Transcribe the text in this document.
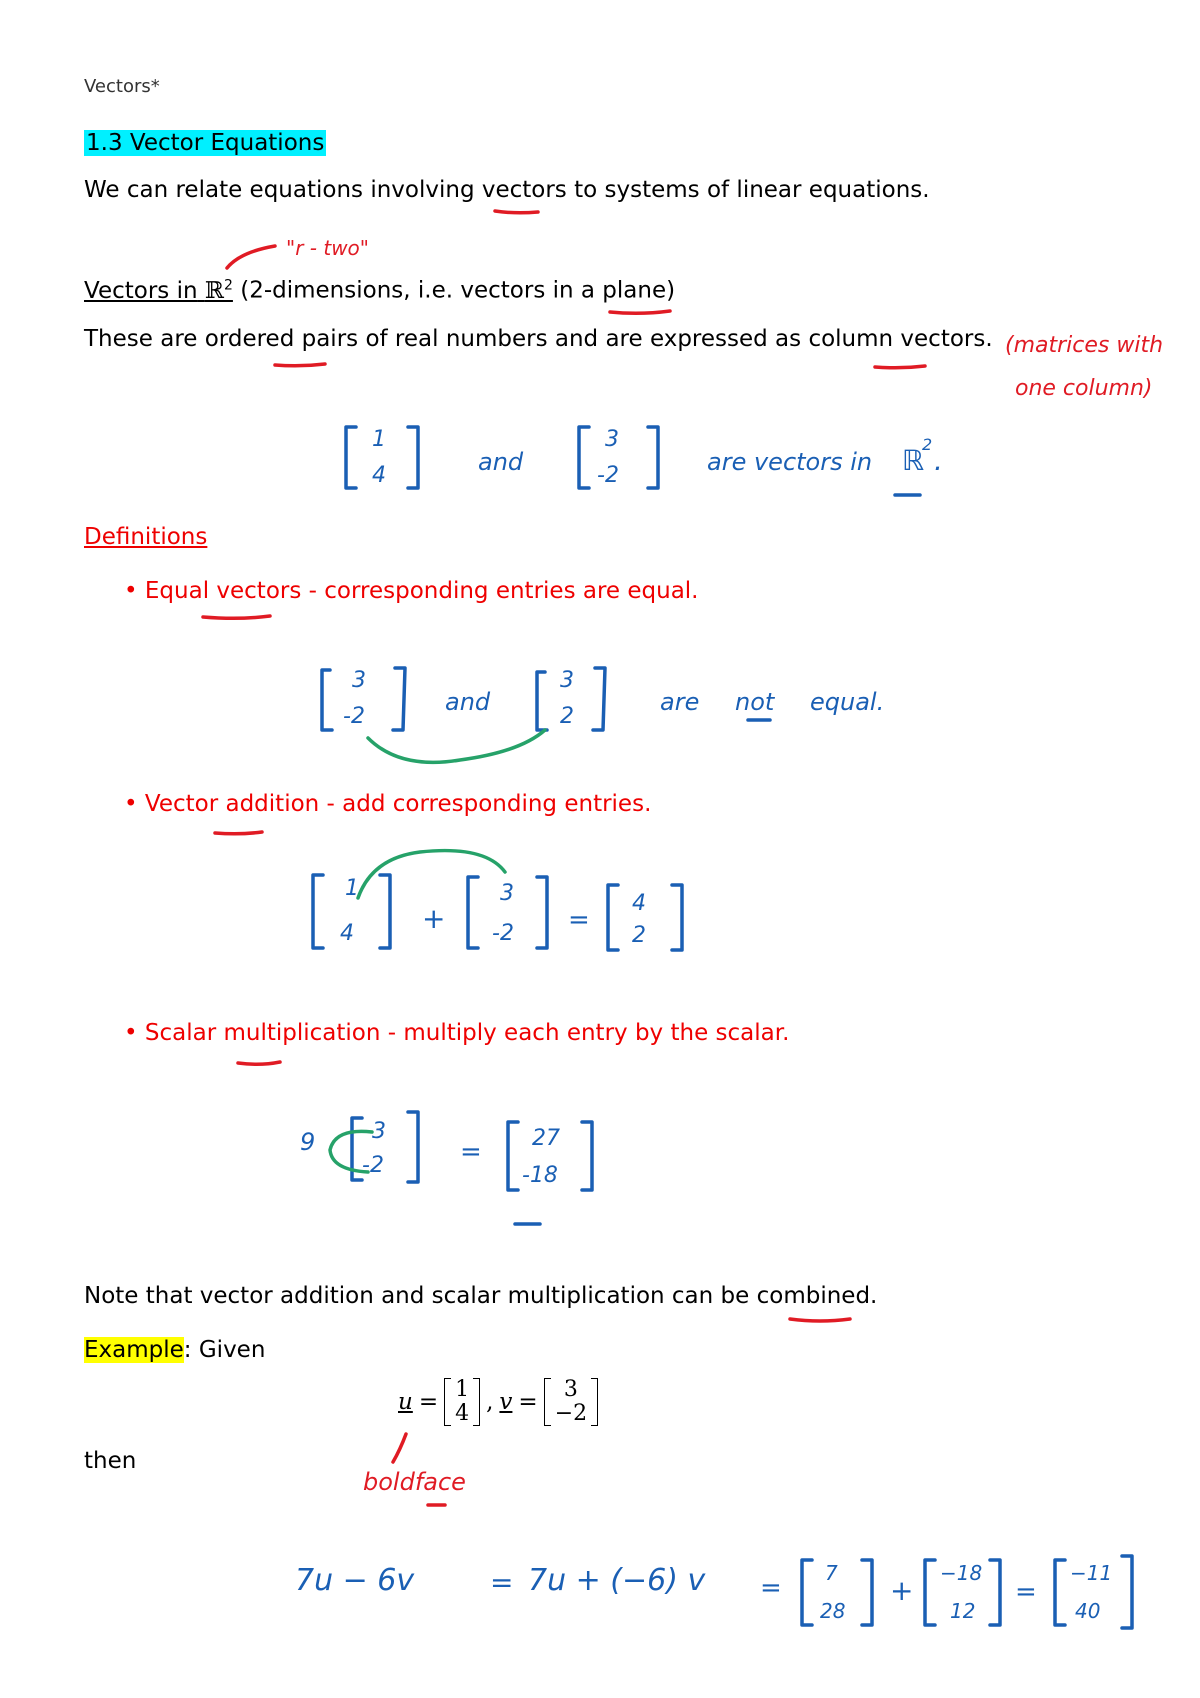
Vectors*
1.3 Vector Equations
We can relate equations involving vectors to systems of linear equations.
Vectors in ℝ$^2$ (2-dimensions, i.e. vectors in a plane)
These are ordered pairs of real numbers and are expressed as column vectors.
Definitions
• Equal vectors - corresponding entries are equal.
• Vector addition - add corresponding entries.
• Scalar multiplication - multiply each entry by the scalar.
Note that vector addition and scalar multiplication can be combined.
Example: Given
u = 1
4 , v = 3
−2
then
"r - two"
(matrices with
one column)
1
4	and
3
-2	are vectors in ℝ
2 .
3
-2
and
3
2
are not equal.
1
4 +
3
-2 =
4
2
9	3
-2	= 27
-18
boldface
7u − 6v	= 7u + (−6) v = 7
28
+
−18
12
=
−11
40
